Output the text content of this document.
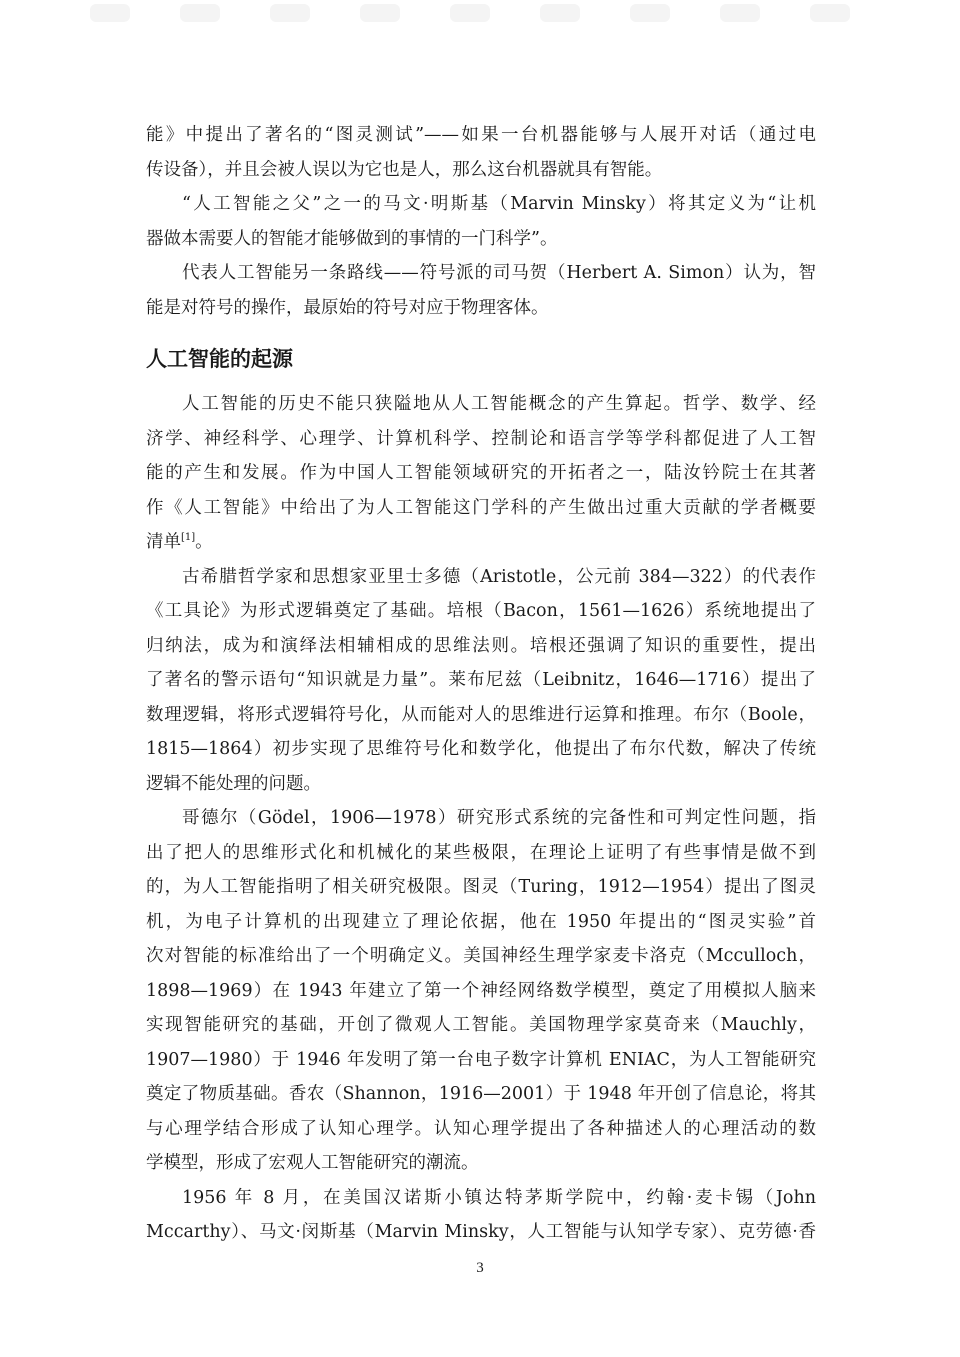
能》中提出了著名的“图灵测试”——如果一台机器能够与人展开对话（通过电
传设备），并且会被人误以为它也是人，那么这台机器就具有智能。
“人工智能之父”之一的马文·明斯基（Marvin Minsky）将其定义为“让机
器做本需要人的智能才能够做到的事情的一门科学”。
代表人工智能另一条路线——符号派的司马贺（Herbert A. Simon）认为，智
能是对符号的操作，最原始的符号对应于物理客体。
人工智能的起源
人工智能的历史不能只狭隘地从人工智能概念的产生算起。哲学、数学、经
济学、神经科学、心理学、计算机科学、控制论和语言学等学科都促进了人工智
能的产生和发展。作为中国人工智能领域研究的开拓者之一，陆汝钤院士在其著
作《人工智能》中给出了为人工智能这门学科的产生做出过重大贡献的学者概要
清单[1]。
古希腊哲学家和思想家亚里士多德（Aristotle，公元前 384—322）的代表作
《工具论》为形式逻辑奠定了基础。培根（Bacon，1561—1626）系统地提出了
归纳法，成为和演绎法相辅相成的思维法则。培根还强调了知识的重要性，提出
了著名的警示语句“知识就是力量”。莱布尼兹（Leibnitz，1646—1716）提出了
数理逻辑，将形式逻辑符号化，从而能对人的思维进行运算和推理。布尔（Boole，
1815—1864）初步实现了思维符号化和数学化，他提出了布尔代数，解决了传统
逻辑不能处理的问题。
哥德尔（Gödel，1906—1978）研究形式系统的完备性和可判定性问题，指
出了把人的思维形式化和机械化的某些极限，在理论上证明了有些事情是做不到
的，为人工智能指明了相关研究极限。图灵（Turing，1912—1954）提出了图灵
机，为电子计算机的出现建立了理论依据，他在 1950 年提出的“图灵实验”首
次对智能的标准给出了一个明确定义。美国神经生理学家麦卡洛克（Mcculloch，
1898—1969）在 1943 年建立了第一个神经网络数学模型，奠定了用模拟人脑来
实现智能研究的基础，开创了微观人工智能。美国物理学家莫奇来（Mauchly，
1907—1980）于 1946 年发明了第一台电子数字计算机 ENIAC，为人工智能研究
奠定了物质基础。香农（Shannon，1916—2001）于 1948 年开创了信息论，将其
与心理学结合形成了认知心理学。认知心理学提出了各种描述人的心理活动的数
学模型，形成了宏观人工智能研究的潮流。
1956 年 8 月，在美国汉诺斯小镇达特茅斯学院中，约翰·麦卡锡（John
Mccarthy）、马文·闵斯基（Marvin Minsky，人工智能与认知学专家）、克劳德·香
3
